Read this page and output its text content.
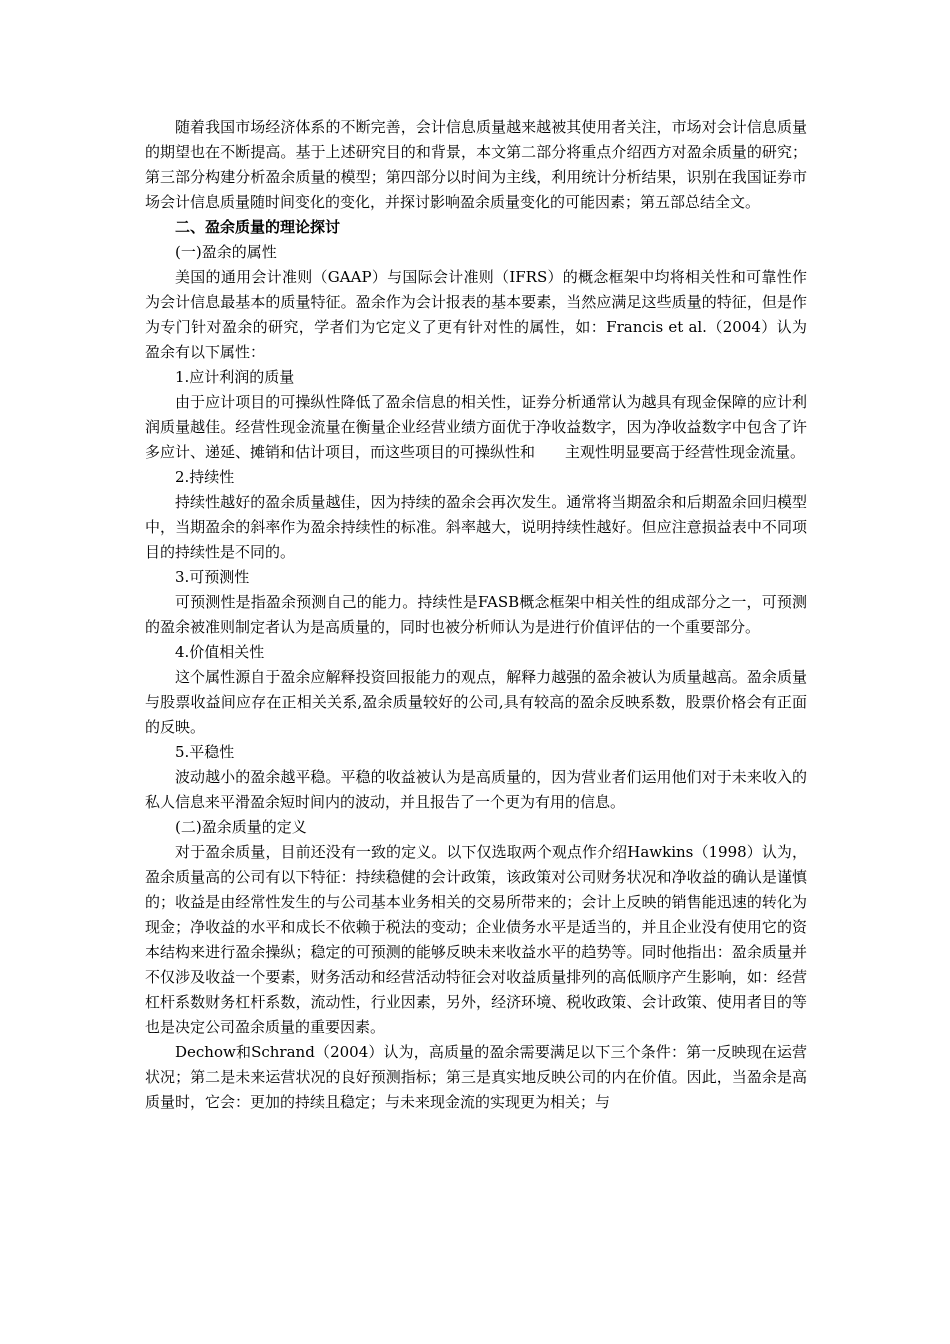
随着我国市场经济体系的不断完善，会计信息质量越来越被其使用者关注，市场对会计信息质量的期望也在不断提高。基于上述研究目的和背景，本文第二部分将重点介绍西方对盈余质量的研究；第三部分构建分析盈余质量的模型；第四部分以时间为主线，利用统计分析结果，识别在我国证券市场会计信息质量随时间变化的变化，并探讨影响盈余质量变化的可能因素；第五部总结全文。

二、盈余质量的理论探讨

(一)盈余的属性

美国的通用会计准则（GAAP）与国际会计准则（IFRS）的概念框架中均将相关性和可靠性作为会计信息最基本的质量特征。盈余作为会计报表的基本要素，当然应满足这些质量的特征，但是作为专门针对盈余的研究，学者们为它定义了更有针对性的属性，如：Francis et al.（2004）认为盈余有以下属性：

1.应计利润的质量

由于应计项目的可操纵性降低了盈余信息的相关性，证券分析通常认为越具有现金保障的应计利润质量越佳。经营性现金流量在衡量企业经营业绩方面优于净收益数字，因为净收益数字中包含了许多应计、递延、摊销和估计项目，而这些项目的可操纵性和　　主观性明显要高于经营性现金流量。

2.持续性

持续性越好的盈余质量越佳，因为持续的盈余会再次发生。通常将当期盈余和后期盈余回归模型中，当期盈余的斜率作为盈余持续性的标准。斜率越大，说明持续性越好。但应注意损益表中不同项目的持续性是不同的。

3.可预测性

可预测性是指盈余预测自己的能力。持续性是FASB概念框架中相关性的组成部分之一，可预测的盈余被准则制定者认为是高质量的，同时也被分析师认为是进行价值评估的一个重要部分。

4.价值相关性

这个属性源自于盈余应解释投资回报能力的观点，解释力越强的盈余被认为质量越高。盈余质量与股票收益间应存在正相关关系,盈余质量较好的公司,具有较高的盈余反映系数，股票价格会有正面的反映。

5.平稳性

波动越小的盈余越平稳。平稳的收益被认为是高质量的，因为营业者们运用他们对于未来收入的私人信息来平滑盈余短时间内的波动，并且报告了一个更为有用的信息。

(二)盈余质量的定义

对于盈余质量，目前还没有一致的定义。以下仅选取两个观点作介绍Hawkins（1998）认为，盈余质量高的公司有以下特征：持续稳健的会计政策，该政策对公司财务状况和净收益的确认是谨慎的；收益是由经常性发生的与公司基本业务相关的交易所带来的；会计上反映的销售能迅速的转化为现金；净收益的水平和成长不依赖于税法的变动；企业债务水平是适当的，并且企业没有使用它的资本结构来进行盈余操纵；稳定的可预测的能够反映未来收益水平的趋势等。同时他指出：盈余质量并不仅涉及收益一个要素，财务活动和经营活动特征会对收益质量排列的高低顺序产生影响，如：经营杠杆系数财务杠杆系数，流动性，行业因素，另外，经济环境、税收政策、会计政策、使用者目的等也是决定公司盈余质量的重要因素。

Dechow和Schrand（2004）认为，高质量的盈余需要满足以下三个条件：第一反映现在运营状况；第二是未来运营状况的良好预测指标；第三是真实地反映公司的内在价值。因此，当盈余是高质量时，它会：更加的持续且稳定；与未来现金流的实现更为相关；与
